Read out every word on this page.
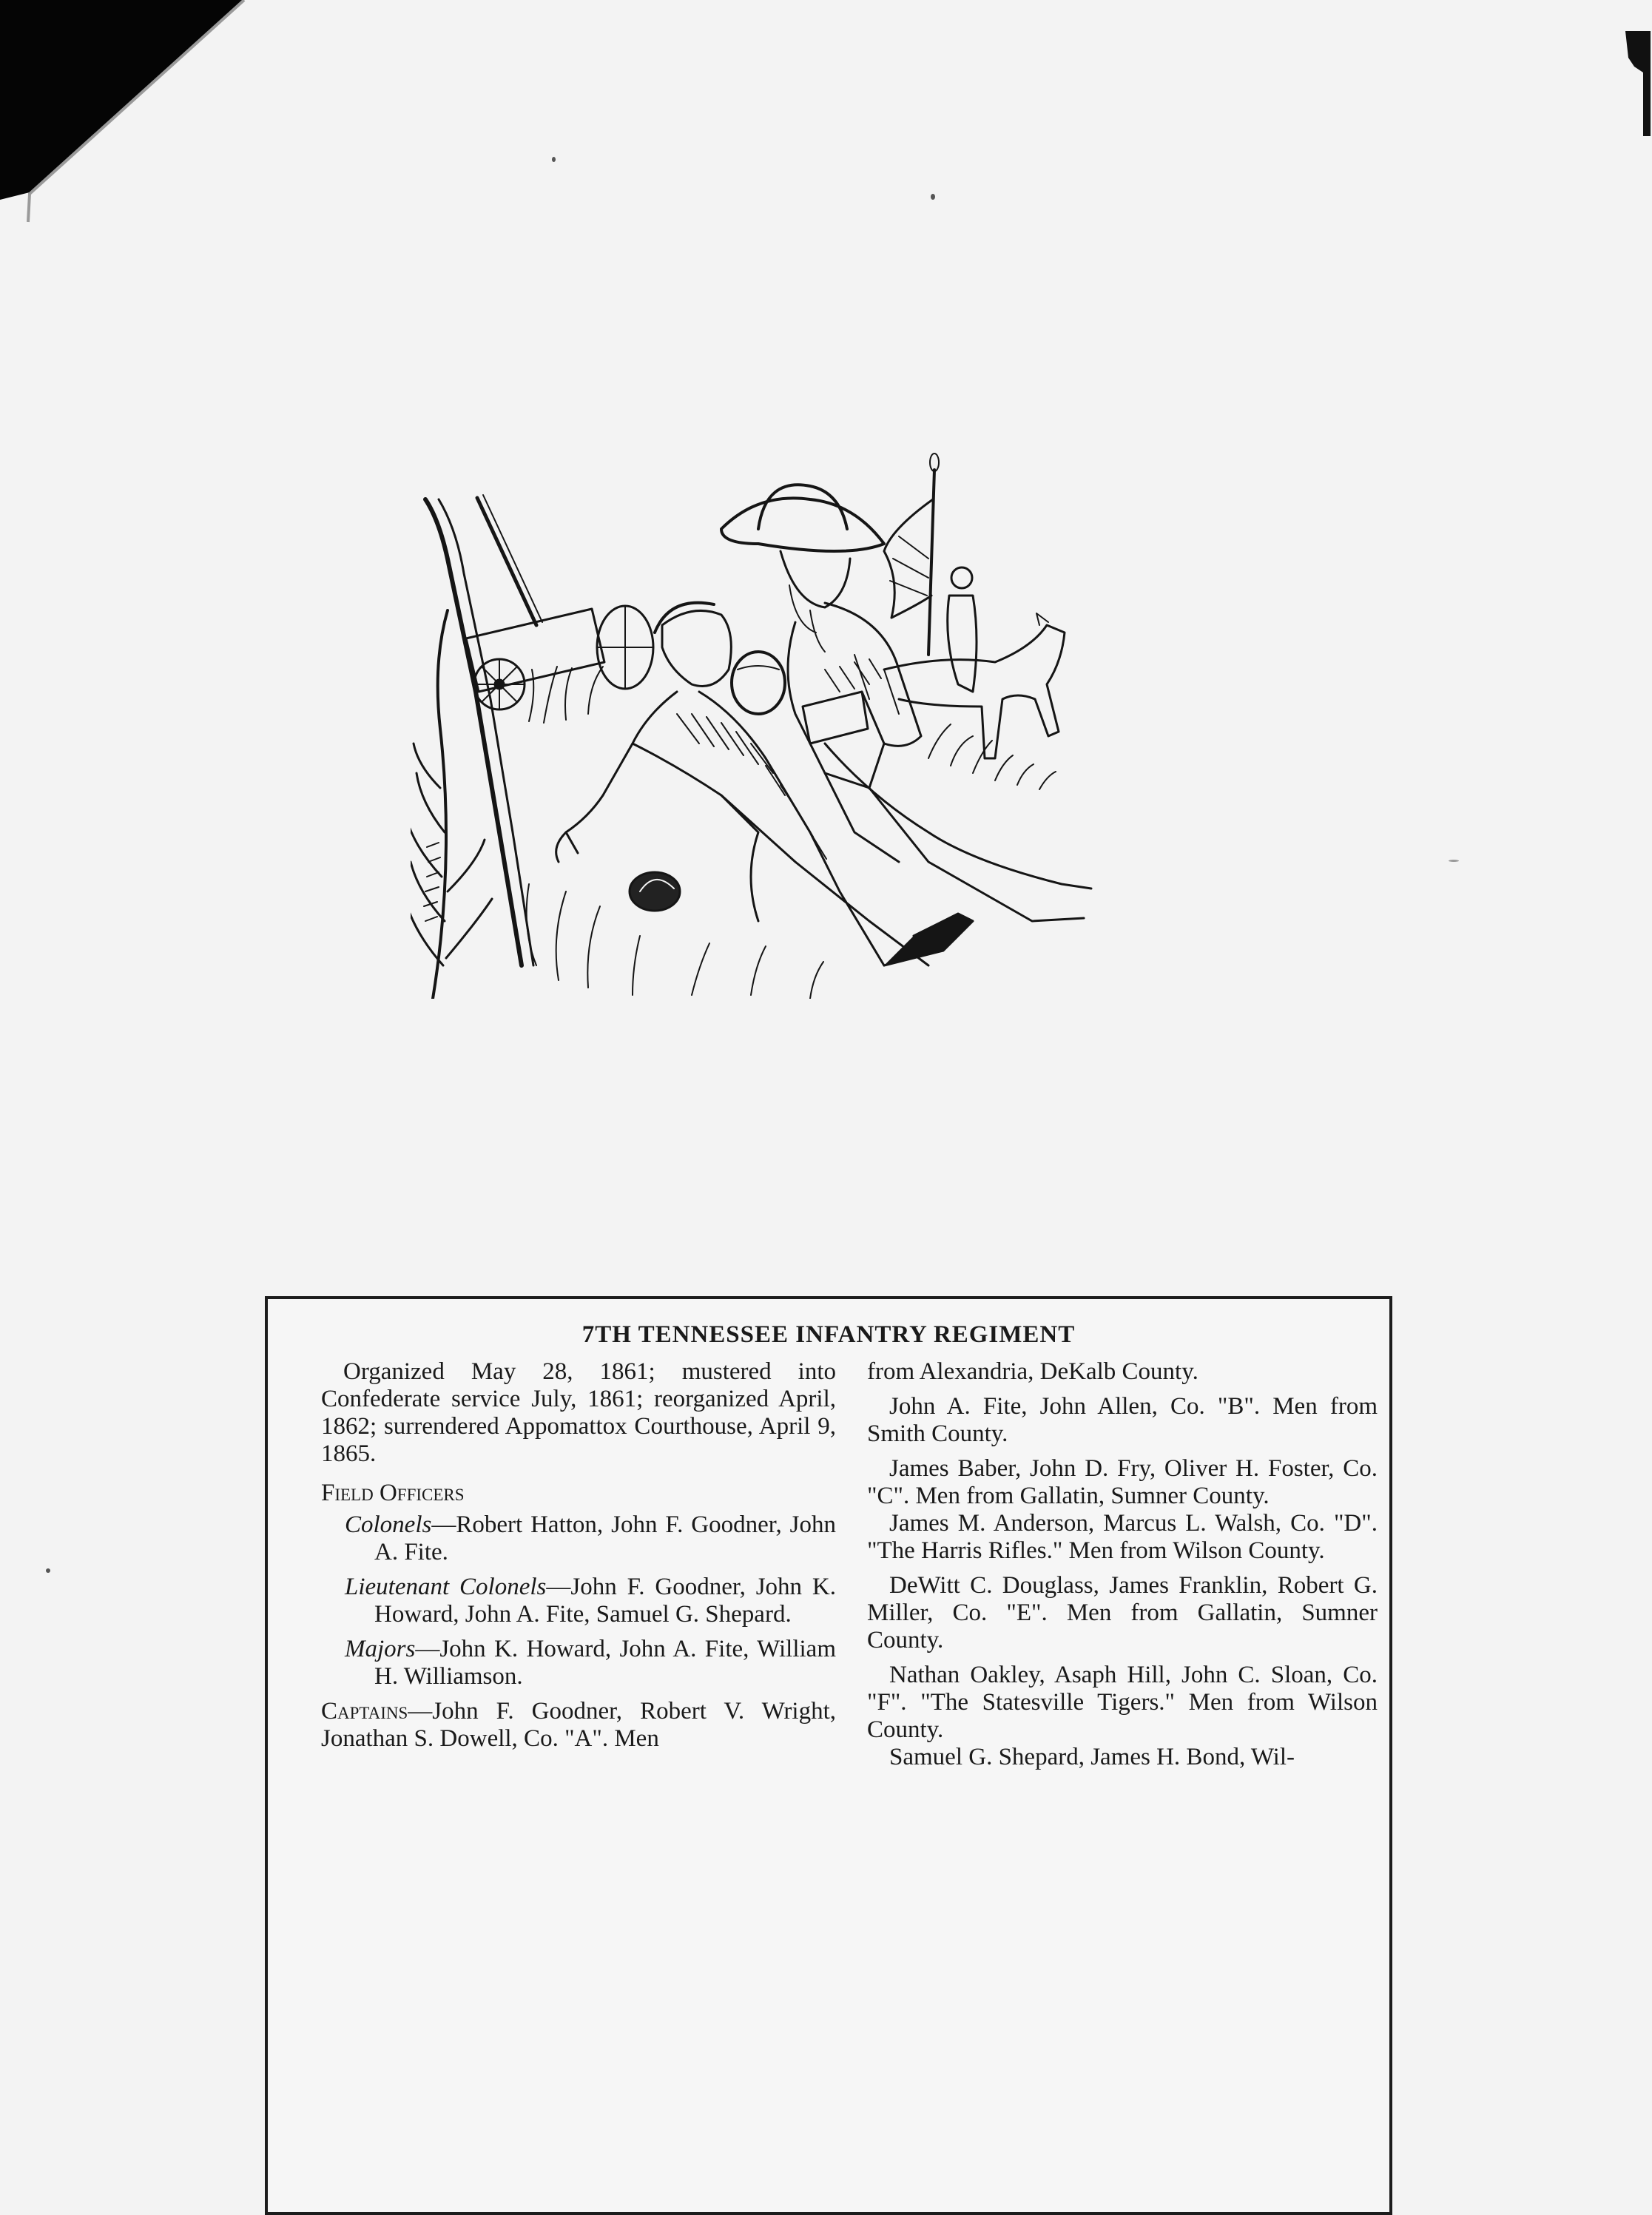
7TH TENNESSEE INFANTRY REGIMENT

Organized May 28, 1861; mustered into Confederate service July, 1861; reorganized April, 1862; surrendered Appomattox Courthouse, April 9, 1865.

Field Officers

Colonels—Robert Hatton, John F. Goodner, John A. Fite.

Lieutenant Colonels—John F. Goodner, John K. Howard, John A. Fite, Samuel G. Shepard.

Majors—John K. Howard, John A. Fite, William H. Williamson.

Captains—John F. Goodner, Robert V. Wright, Jonathan S. Dowell, Co. "A". Men

from Alexandria, DeKalb County.

John A. Fite, John Allen, Co. "B". Men from Smith County.

James Baber, John D. Fry, Oliver H. Foster, Co. "C". Men from Gallatin, Sumner County.

James M. Anderson, Marcus L. Walsh, Co. "D". "The Harris Rifles." Men from Wilson County.

DeWitt C. Douglass, James Franklin, Robert G. Miller, Co. "E". Men from Gallatin, Sumner County.

Nathan Oakley, Asaph Hill, John C. Sloan, Co. "F". "The Statesville Tigers." Men from Wilson County.

Samuel G. Shepard, James H. Bond, Wil-
